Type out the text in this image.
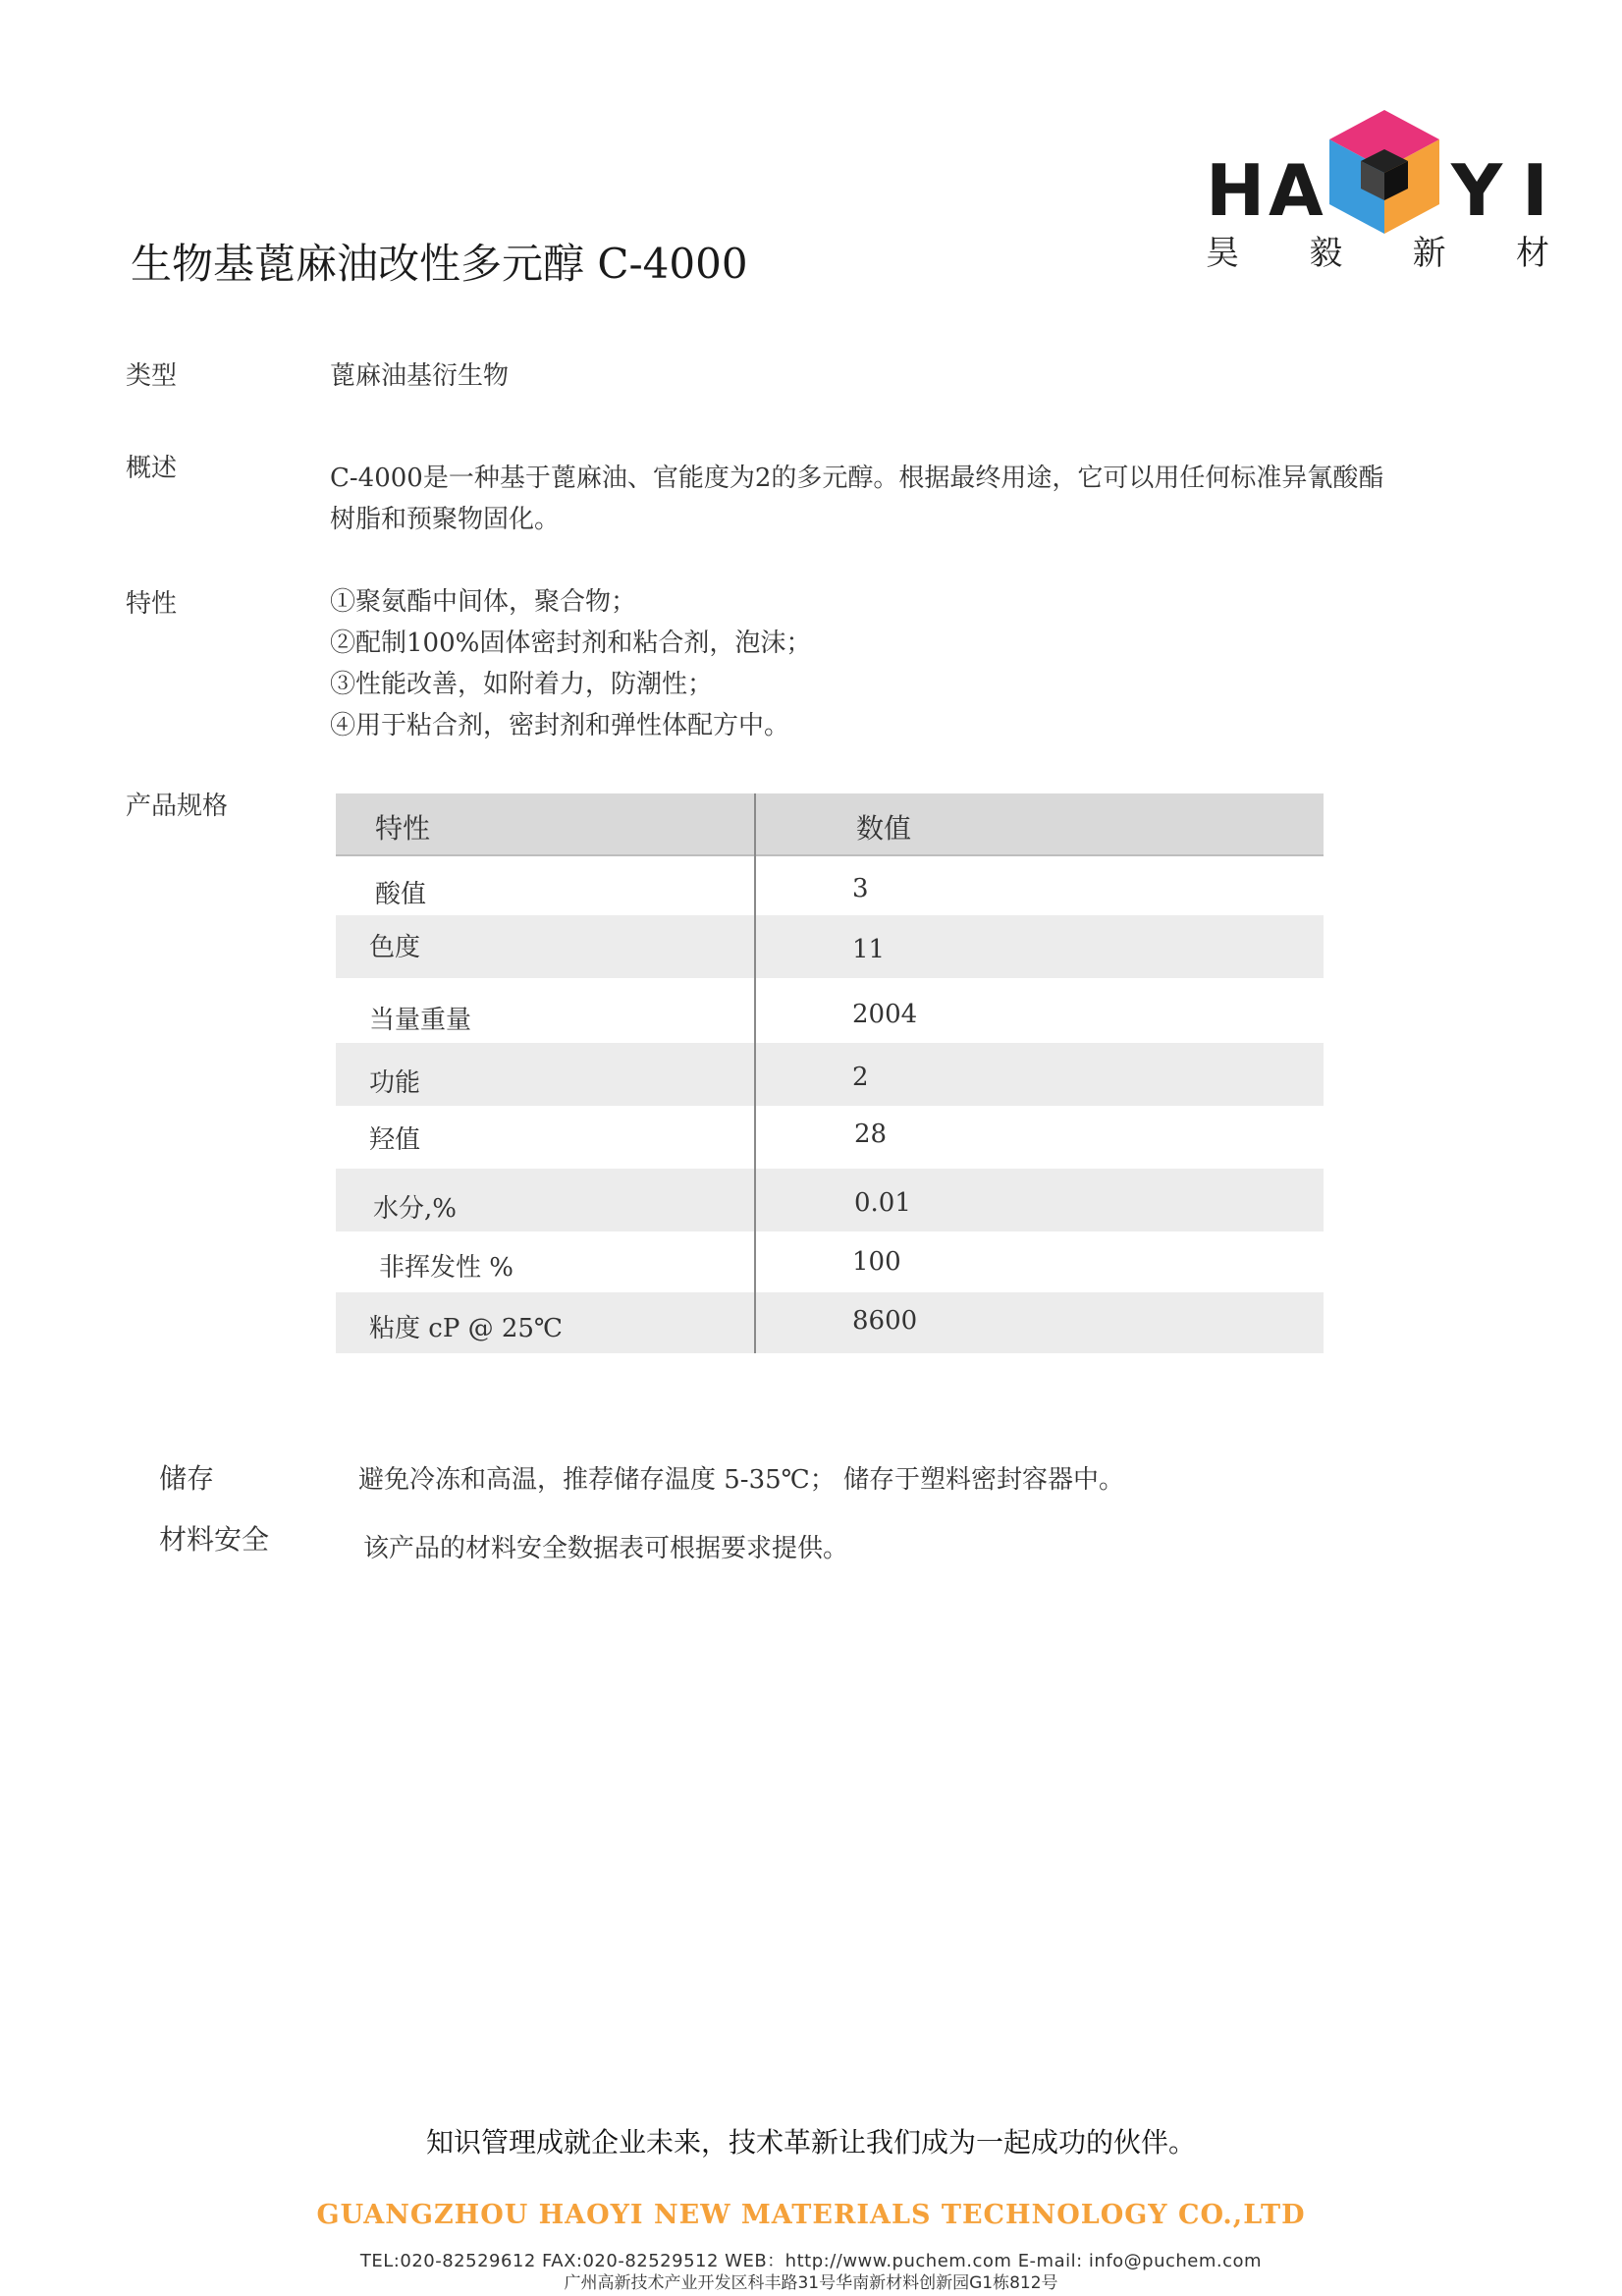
H A Y I
昊 毅 新 材
生物基蓖麻油改性多元醇 C-4000
类型	蓖麻油基衍生物
概述	C-4000是一种基于蓖麻油、官能度为2的多元醇。根据最终用途，它可以用任何标准异氰酸酯
树脂和预聚物固化。
特性	①聚氨酯中间体，聚合物；
②配制100%固体密封剂和粘合剂，泡沫；
③性能改善，如附着力，防潮性；
④用于粘合剂，密封剂和弹性体配方中。
产品规格
特性	数值
酸值	3
色度	11
当量重量	2004
功能	2
羟值	28
水分,%	0.01
非挥发性 %	100
粘度 cP @ 25℃	8600
储存	避免冷冻和高温，推荐储存温度 5-35℃； 储存于塑料密封容器中。
材料安全	该产品的材料安全数据表可根据要求提供。
知识管理成就企业未来，技术革新让我们成为一起成功的伙伴。
GUANGZHOU HAOYI NEW MATERIALS TECHNOLOGY CO.,LTD
TEL:020-82529612 FAX:020-82529512 WEB：http://www.puchem.com E-mail: info@puchem.com
广州高新技术产业开发区科丰路31号华南新材料创新园G1栋812号
